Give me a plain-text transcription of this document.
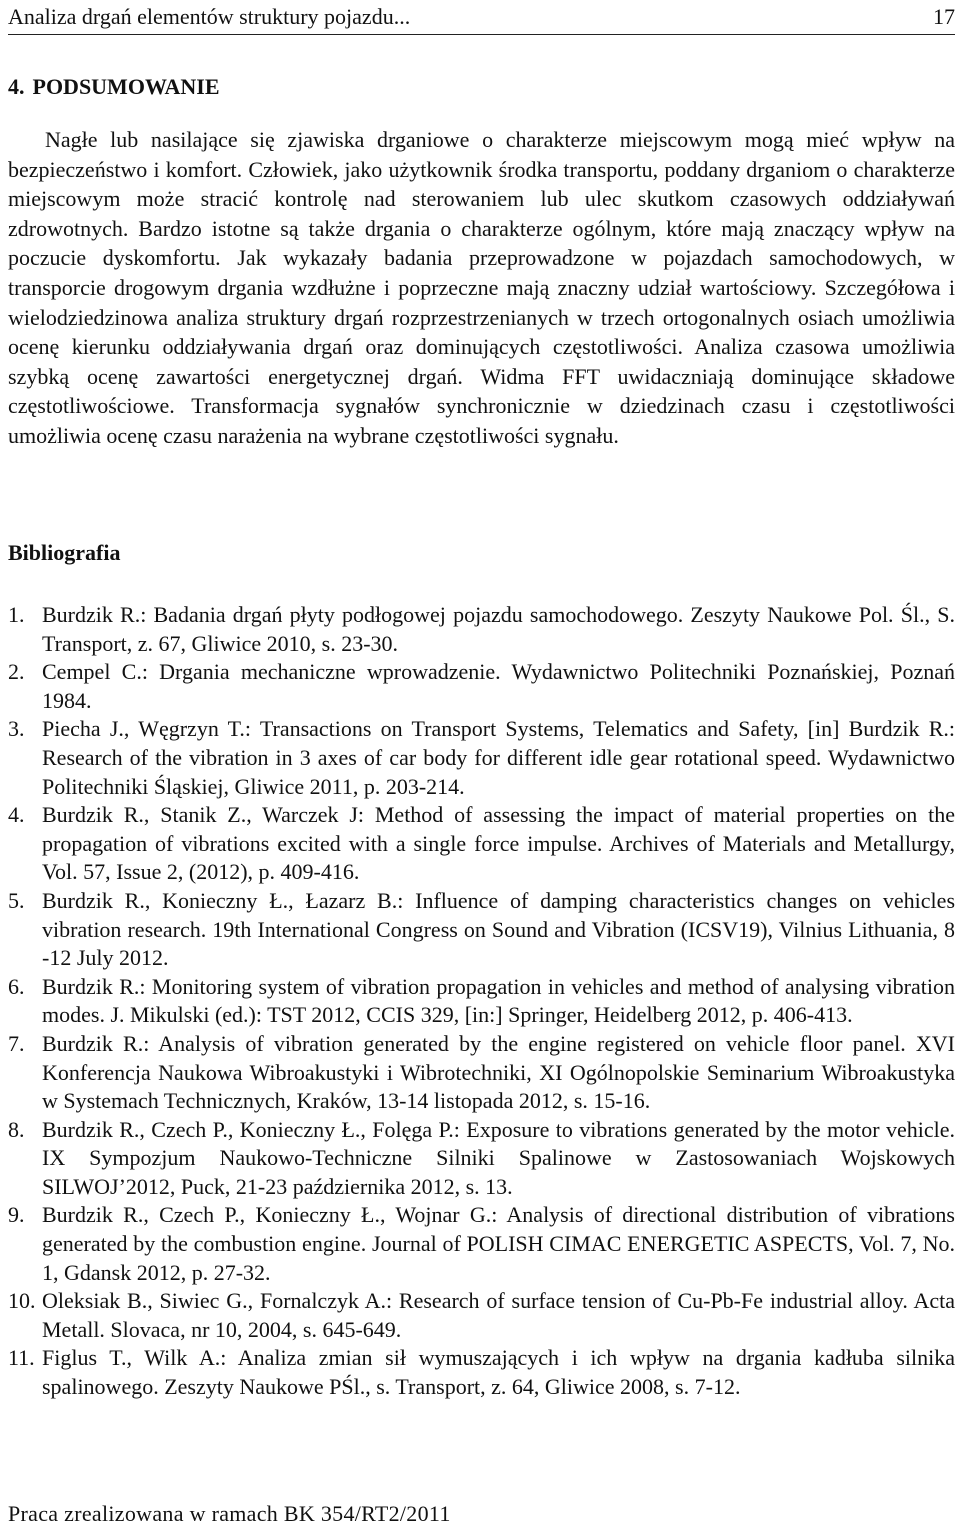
Analiza drgań elementów struktury pojazdu...	17
4. PODSUMOWANIE

Nagłe lub nasilające się zjawiska drganiowe o charakterze miejscowym mogą mieć wpływ na bezpieczeństwo i komfort. Człowiek, jako użytkownik środka transportu, poddany drganiom o charakterze miejscowym może stracić kontrolę nad sterowaniem lub ulec skutkom czasowych oddziaływań zdrowotnych. Bardzo istotne są także drgania o charakterze ogólnym, które mają znaczący wpływ na poczucie dyskomfortu. Jak wykazały badania przeprowadzone w pojazdach samochodowych, w transporcie drogowym drgania wzdłużne i poprzeczne mają znaczny udział wartościowy. Szczegółowa i wielodziedzinowa analiza struktury drgań rozprzestrzenianych w trzech ortogonalnych osiach umożliwia ocenę kierunku oddziaływania drgań oraz dominujących częstotliwości. Analiza czasowa umożliwia szybką ocenę zawartości energetycznej drgań. Widma FFT uwidaczniają dominujące składowe częstotliwościowe. Transformacja sygnałów synchronicznie w dziedzinach czasu i częstotliwości umożliwia ocenę czasu narażenia na wybrane częstotliwości sygnału.

Bibliografia
1. Burdzik R.: Badania drgań płyty podłogowej pojazdu samochodowego. Zeszyty Naukowe Pol. Śl., S. Transport, z. 67, Gliwice 2010, s. 23-30.
2. Cempel C.: Drgania mechaniczne wprowadzenie. Wydawnictwo Politechniki Poznańskiej, Poznań 1984.
3. Piecha J., Węgrzyn T.: Transactions on Transport Systems, Telematics and Safety, [in] Burdzik R.: Research of the vibration in 3 axes of car body for different idle gear rotational speed. Wydawnictwo Politechniki Śląskiej, Gliwice 2011, p. 203-214.
4. Burdzik R., Stanik Z., Warczek J: Method of assessing the impact of material properties on the propagation of vibrations excited with a single force impulse. Archives of Materials and Metallurgy, Vol. 57, Issue 2, (2012), p. 409-416.
5. Burdzik R., Konieczny Ł., Łazarz B.: Influence of damping characteristics changes on vehicles vibration research. 19th International Congress on Sound and Vibration (ICSV19), Vilnius Lithuania, 8 -12 July 2012.
6. Burdzik R.: Monitoring system of vibration propagation in vehicles and method of analysing vibration modes. J. Mikulski (ed.): TST 2012, CCIS 329, [in:] Springer, Heidelberg 2012, p. 406-413.
7. Burdzik R.: Analysis of vibration generated by the engine registered on vehicle floor panel. XVI Konferencja Naukowa Wibroakustyki i Wibrotechniki, XI Ogólnopolskie Seminarium Wibroakustyka w Systemach Technicznych, Kraków, 13-14 listopada 2012, s. 15-16.
8. Burdzik R., Czech P., Konieczny Ł., Folęga P.: Exposure to vibrations generated by the motor vehicle. IX Sympozjum Naukowo-Techniczne Silniki Spalinowe w Zastosowaniach Wojskowych SILWOJ’2012, Puck, 21-23 października 2012, s. 13.
9. Burdzik R., Czech P., Konieczny Ł., Wojnar G.: Analysis of directional distribution of vibrations generated by the combustion engine. Journal of POLISH CIMAC ENERGETIC ASPECTS, Vol. 7, No. 1, Gdansk 2012, p. 27-32.
10. Oleksiak B., Siwiec G., Fornalczyk A.: Research of surface tension of Cu-Pb-Fe industrial alloy. Acta Metall. Slovaca, nr 10, 2004, s. 645-649.
11. Figlus T., Wilk A.: Analiza zmian sił wymuszających i ich wpływ na drgania kadłuba silnika spalinowego. Zeszyty Naukowe PŚl., s. Transport, z. 64, Gliwice 2008, s. 7-12.
Praca zrealizowana w ramach BK 354/RT2/2011
